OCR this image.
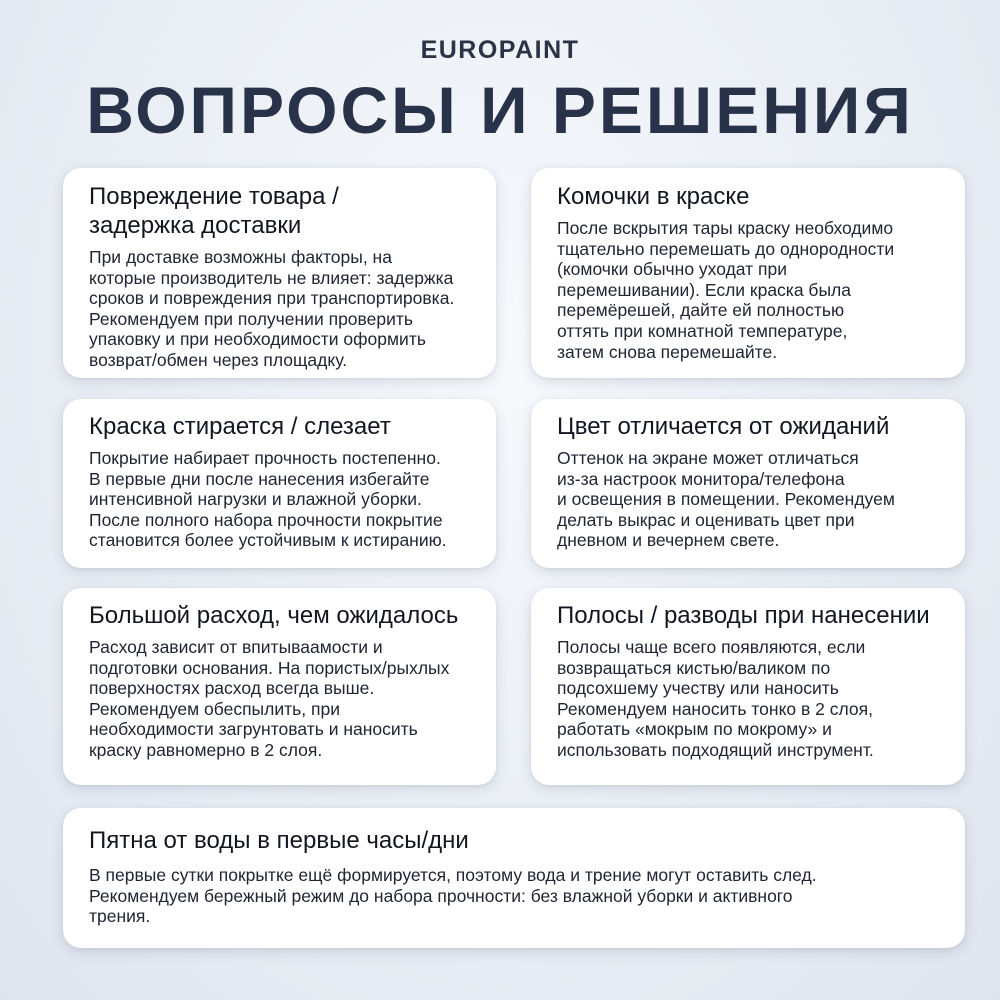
EUROPAINT
ВОПРОСЫ И РЕШЕНИЯ
Повреждение товара /
задержка доставки
При доставке возможны факторы, на
которые производитель не влияет: задержка
сроков и повреждения при транспортировка.
Рекомендуем при получении проверить
упаковку и при необходимости оформить
возврат/обмен через площадку.
Комочки в краске
После вскрытия тары краску необходимо
тщательно перемешать до однородности
(комочки обычно уходат при
перемешивании). Если краска была
перемёрешей, дайте ей полностью
оттять при комнатной температуре,
затем снова перемешайте.
Краска стирается / слезает
Покрытие набирает прочность постепенно.
В первые дни после нанесения избегайте
интенсивной нагрузки и влажной уборки.
После полного набора прочности покрытие
становится более устойчивым к истиранию.
Цвет отличается от ожиданий
Оттенок на экране может отличаться
из-за настроок монитора/телефона
и освещения в помещении. Рекомендуем
делать выкрас и оценивать цвет при
дневном и вечернем свете.
Большой расход, чем ожидалось
Расход зависит от впитываамости и
подготовки основания. На пористых/рыхлых
поверхностях расход всегда выше.
Рекомендуем обеспылить, при
необходимости загрунтовать и наносить
краску равномерно в 2 слоя.
Полосы / разводы при нанесении
Полосы чаще всего появляются, если
возвращаться кистью/валиком по
подсохшему учеству или наносить
Рекомендуем наносить тонко в 2 слоя,
работать «мокрым по мокрому» и
использовать подходящий инструмент.
Пятна от воды в первые часы/дни
В первые сутки покрытке ещё формируется, поэтому вода и трение могут оставить след.
Рекомендуем бережный режим до набора прочности: без влажной уборки и активного
трения.
